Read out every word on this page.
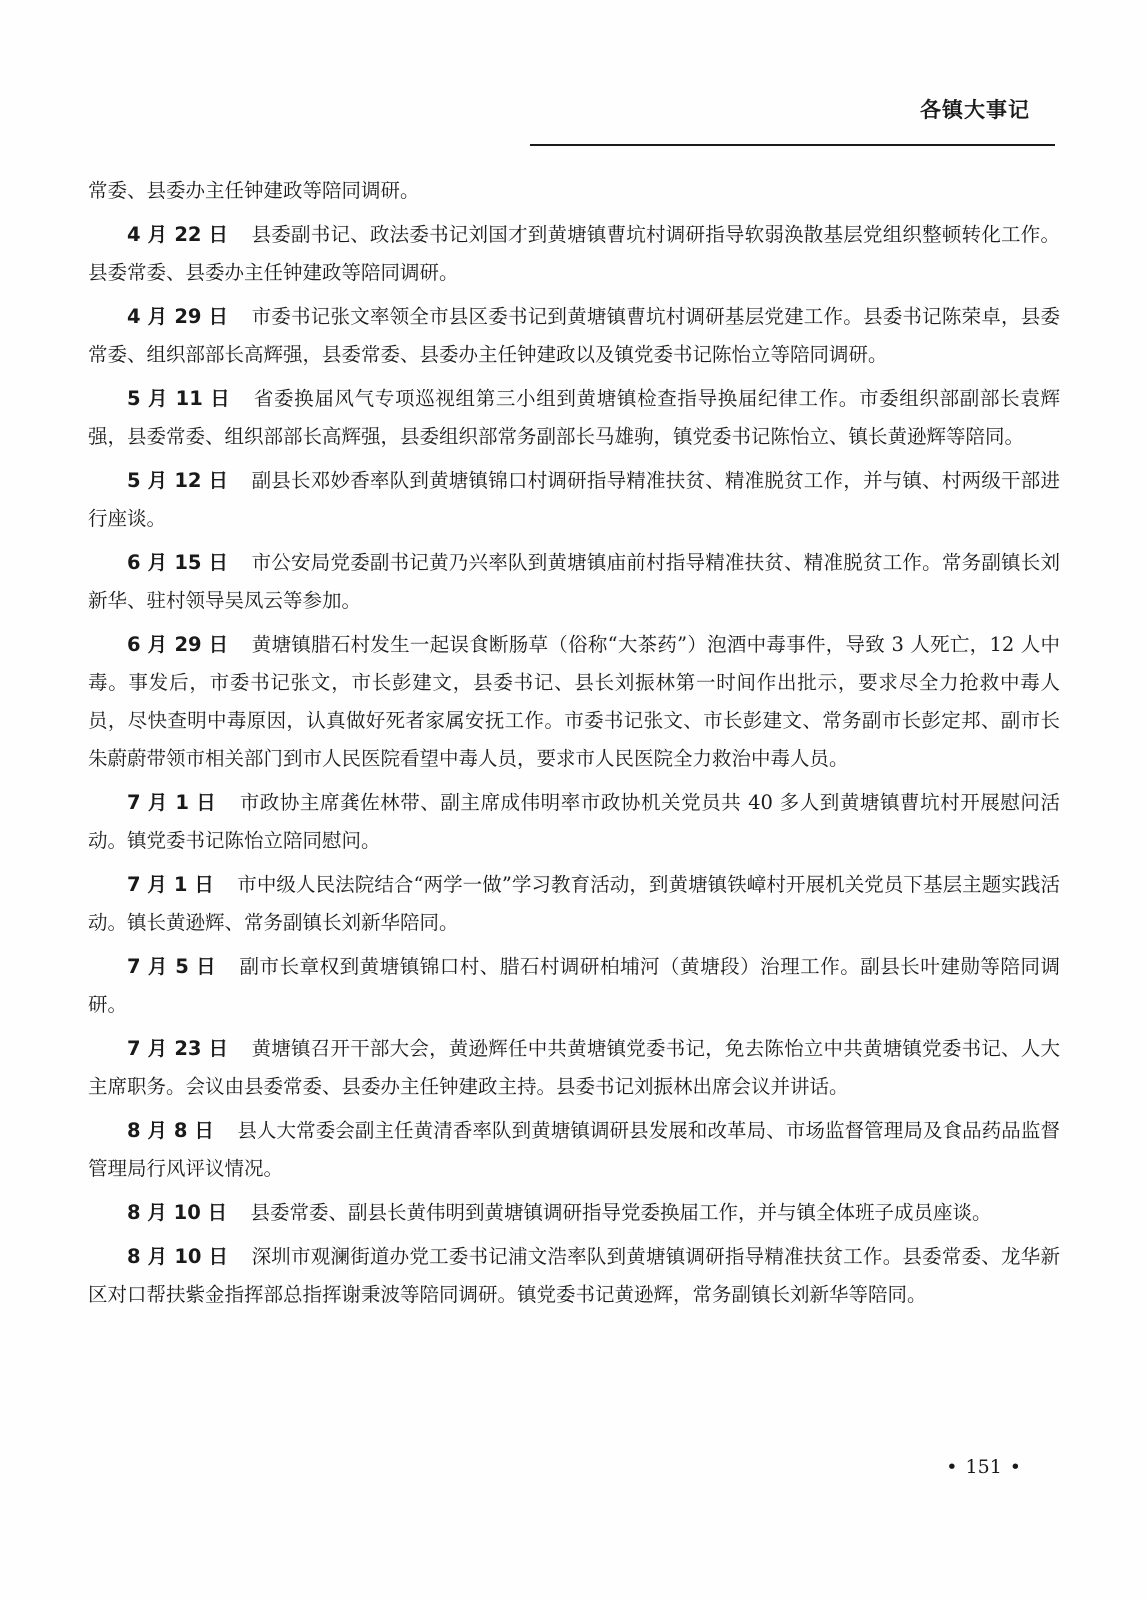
各镇大事记

常委、县委办主任钟建政等陪同调研。

4 月 22 日 县委副书记、政法委书记刘国才到黄塘镇曹坑村调研指导软弱涣散基层党组织整顿转化工作。县委常委、县委办主任钟建政等陪同调研。

4 月 29 日 市委书记张文率领全市县区委书记到黄塘镇曹坑村调研基层党建工作。县委书记陈荣卓，县委常委、组织部部长高辉强，县委常委、县委办主任钟建政以及镇党委书记陈怡立等陪同调研。

5 月 11 日 省委换届风气专项巡视组第三小组到黄塘镇检查指导换届纪律工作。市委组织部副部长袁辉强，县委常委、组织部部长高辉强，县委组织部常务副部长马雄驹，镇党委书记陈怡立、镇长黄逊辉等陪同。

5 月 12 日 副县长邓妙香率队到黄塘镇锦口村调研指导精准扶贫、精准脱贫工作，并与镇、村两级干部进行座谈。

6 月 15 日 市公安局党委副书记黄乃兴率队到黄塘镇庙前村指导精准扶贫、精准脱贫工作。常务副镇长刘新华、驻村领导吴凤云等参加。

6 月 29 日 黄塘镇腊石村发生一起误食断肠草（俗称“大茶药”）泡酒中毒事件，导致 3 人死亡，12 人中毒。事发后，市委书记张文，市长彭建文，县委书记、县长刘振林第一时间作出批示，要求尽全力抢救中毒人员，尽快查明中毒原因，认真做好死者家属安抚工作。市委书记张文、市长彭建文、常务副市长彭定邦、副市长朱蔚蔚带领市相关部门到市人民医院看望中毒人员，要求市人民医院全力救治中毒人员。

7 月 1 日 市政协主席龚佐林带、副主席成伟明率市政协机关党员共 40 多人到黄塘镇曹坑村开展慰问活动。镇党委书记陈怡立陪同慰问。

7 月 1 日 市中级人民法院结合“两学一做”学习教育活动，到黄塘镇铁嶂村开展机关党员下基层主题实践活动。镇长黄逊辉、常务副镇长刘新华陪同。

7 月 5 日 副市长章权到黄塘镇锦口村、腊石村调研柏埔河（黄塘段）治理工作。副县长叶建勋等陪同调研。

7 月 23 日 黄塘镇召开干部大会，黄逊辉任中共黄塘镇党委书记，免去陈怡立中共黄塘镇党委书记、人大主席职务。会议由县委常委、县委办主任钟建政主持。县委书记刘振林出席会议并讲话。

8 月 8 日 县人大常委会副主任黄清香率队到黄塘镇调研县发展和改革局、市场监督管理局及食品药品监督管理局行风评议情况。

8 月 10 日 县委常委、副县长黄伟明到黄塘镇调研指导党委换届工作，并与镇全体班子成员座谈。

8 月 10 日 深圳市观澜街道办党工委书记浦文浩率队到黄塘镇调研指导精准扶贫工作。县委常委、龙华新区对口帮扶紫金指挥部总指挥谢秉波等陪同调研。镇党委书记黄逊辉，常务副镇长刘新华等陪同。

• 151 •
